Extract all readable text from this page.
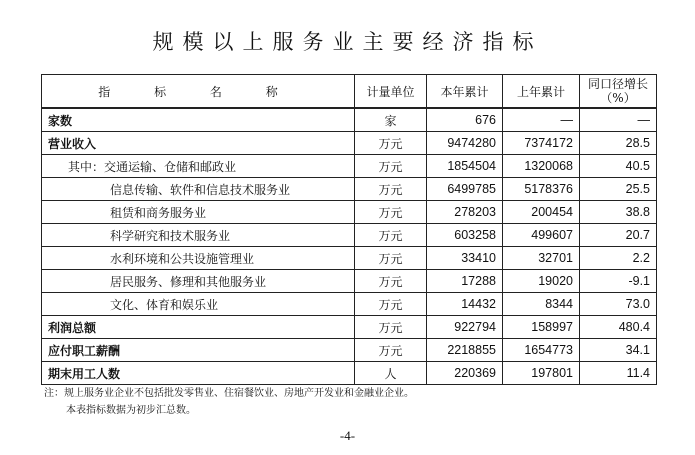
规模以上服务业主要经济指标
指 标 名 称	计量单位	本年累计	上年累计	同口径增长
（%）

家数	家	676	—	—
营业收入	万元	9474280	7374172	28.5
其中：交通运输、仓储和邮政业	万元	1854504	1320068	40.5
信息传输、软件和信息技术服务业	万元	6499785	5178376	25.5
租赁和商务服务业	万元	278203	200454	38.8
科学研究和技术服务业	万元	603258	499607	20.7
水利环境和公共设施管理业	万元	33410	32701	2.2
居民服务、修理和其他服务业	万元	17288	19020	-9.1
文化、体育和娱乐业	万元	14432	8344	73.0
利润总额	万元	922794	158997	480.4
应付职工薪酬	万元	2218855	1654773	34.1
期末用工人数	人	220369	197801	11.4
注：规上服务业企业不包括批发零售业、住宿餐饮业、房地产开发业和金融业企业。
本表指标数据为初步汇总数。
-4-
